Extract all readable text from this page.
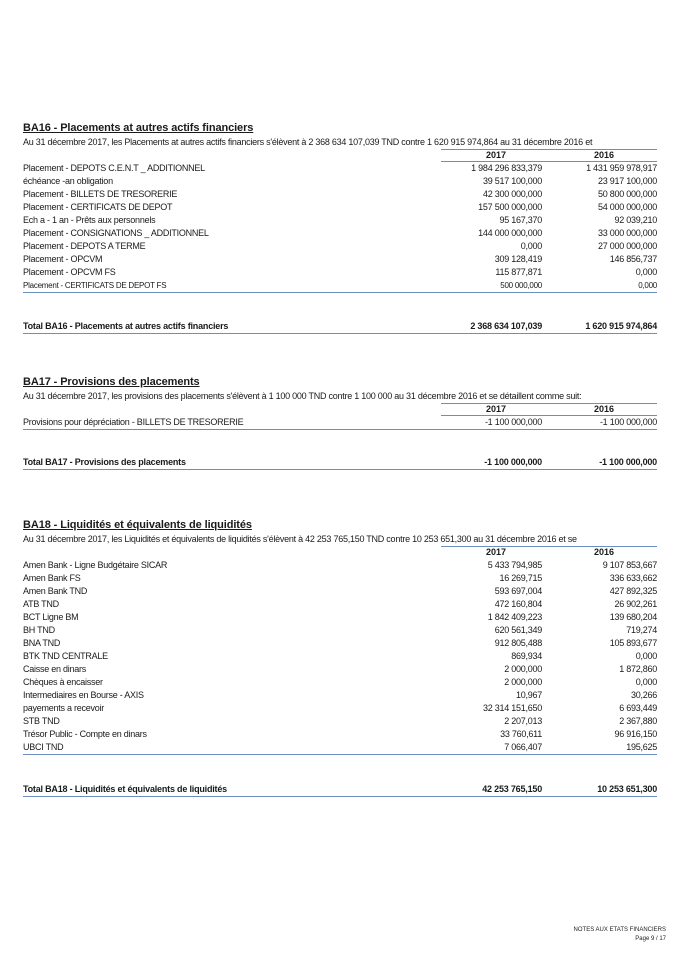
BA16 - Placements at autres actifs financiers
Au 31 décembre 2017, les Placements at autres actifs financiers s'élèvent à 2 368 634 107,039 TND contre 1 620 915 974,864 au 31 décembre 2016 et
2017	2016
Placement - DEPOTS C.E.N.T _ ADDITIONNEL	1 984 296 833,379	1 431 959 978,917
échéance -an obligation	39 517 100,000	23 917 100,000
Placement - BILLETS DE TRESORERIE	42 300 000,000	50 800 000,000
Placement - CERTIFICATS DE DEPOT	157 500 000,000	54 000 000,000
Ech a - 1 an - Prêts aux personnels	95 167,370	92 039,210
Placement - CONSIGNATIONS _ ADDITIONNEL	144 000 000,000	33 000 000,000
Placement - DEPOTS A TERME	0,000	27 000 000,000
Placement - OPCVM	309 128,419	146 856,737
Placement - OPCVM FS	115 877,871	0,000
Placement - CERTIFICATS DE DEPOT FS	500 000,000	0,000
Total BA16 - Placements at autres actifs financiers	2 368 634 107,039	1 620 915 974,864
BA17 - Provisions des placements
Au 31 décembre 2017, les provisions des placements s'élèvent à 1 100 000 TND contre 1 100 000 au 31 décembre 2016 et se détaillent comme suit:
2017	2016
Provisions pour dépréciation - BILLETS DE TRESORERIE	-1 100 000,000	-1 100 000,000
Total BA17 - Provisions des placements	-1 100 000,000	-1 100 000,000
BA18 - Liquidités et équivalents de liquidités
Au 31 décembre 2017, les Liquidités et équivalents de liquidités s'élèvent à 42 253 765,150 TND contre 10 253 651,300 au 31 décembre 2016 et se
2017	2016
Amen Bank - Ligne Budgétaire SICAR	5 433 794,985	9 107 853,667
Amen Bank FS	16 269,715	336 633,662
Amen Bank TND	593 697,004	427 892,325
ATB TND	472 160,804	26 902,261
BCT Ligne BM	1 842 409,223	139 680,204
BH TND	620 561,349	719,274
BNA TND	912 805,488	105 893,677
BTK TND CENTRALE	869,934	0,000
Caisse en dinars	2 000,000	1 872,860
Chèques à encaisser	2 000,000	0,000
Intermediaires en Bourse - AXIS	10,967	30,266
payements a recevoir	32 314 151,650	6 693,449
STB TND	2 207,013	2 367,880
Trésor Public - Compte en dinars	33 760,611	96 916,150
UBCI TND	7 066,407	195,625
Total BA18 - Liquidités et équivalents de liquidités	42 253 765,150	10 253 651,300
NOTES AUX ETATS FINANCIERS
Page 9 / 17
